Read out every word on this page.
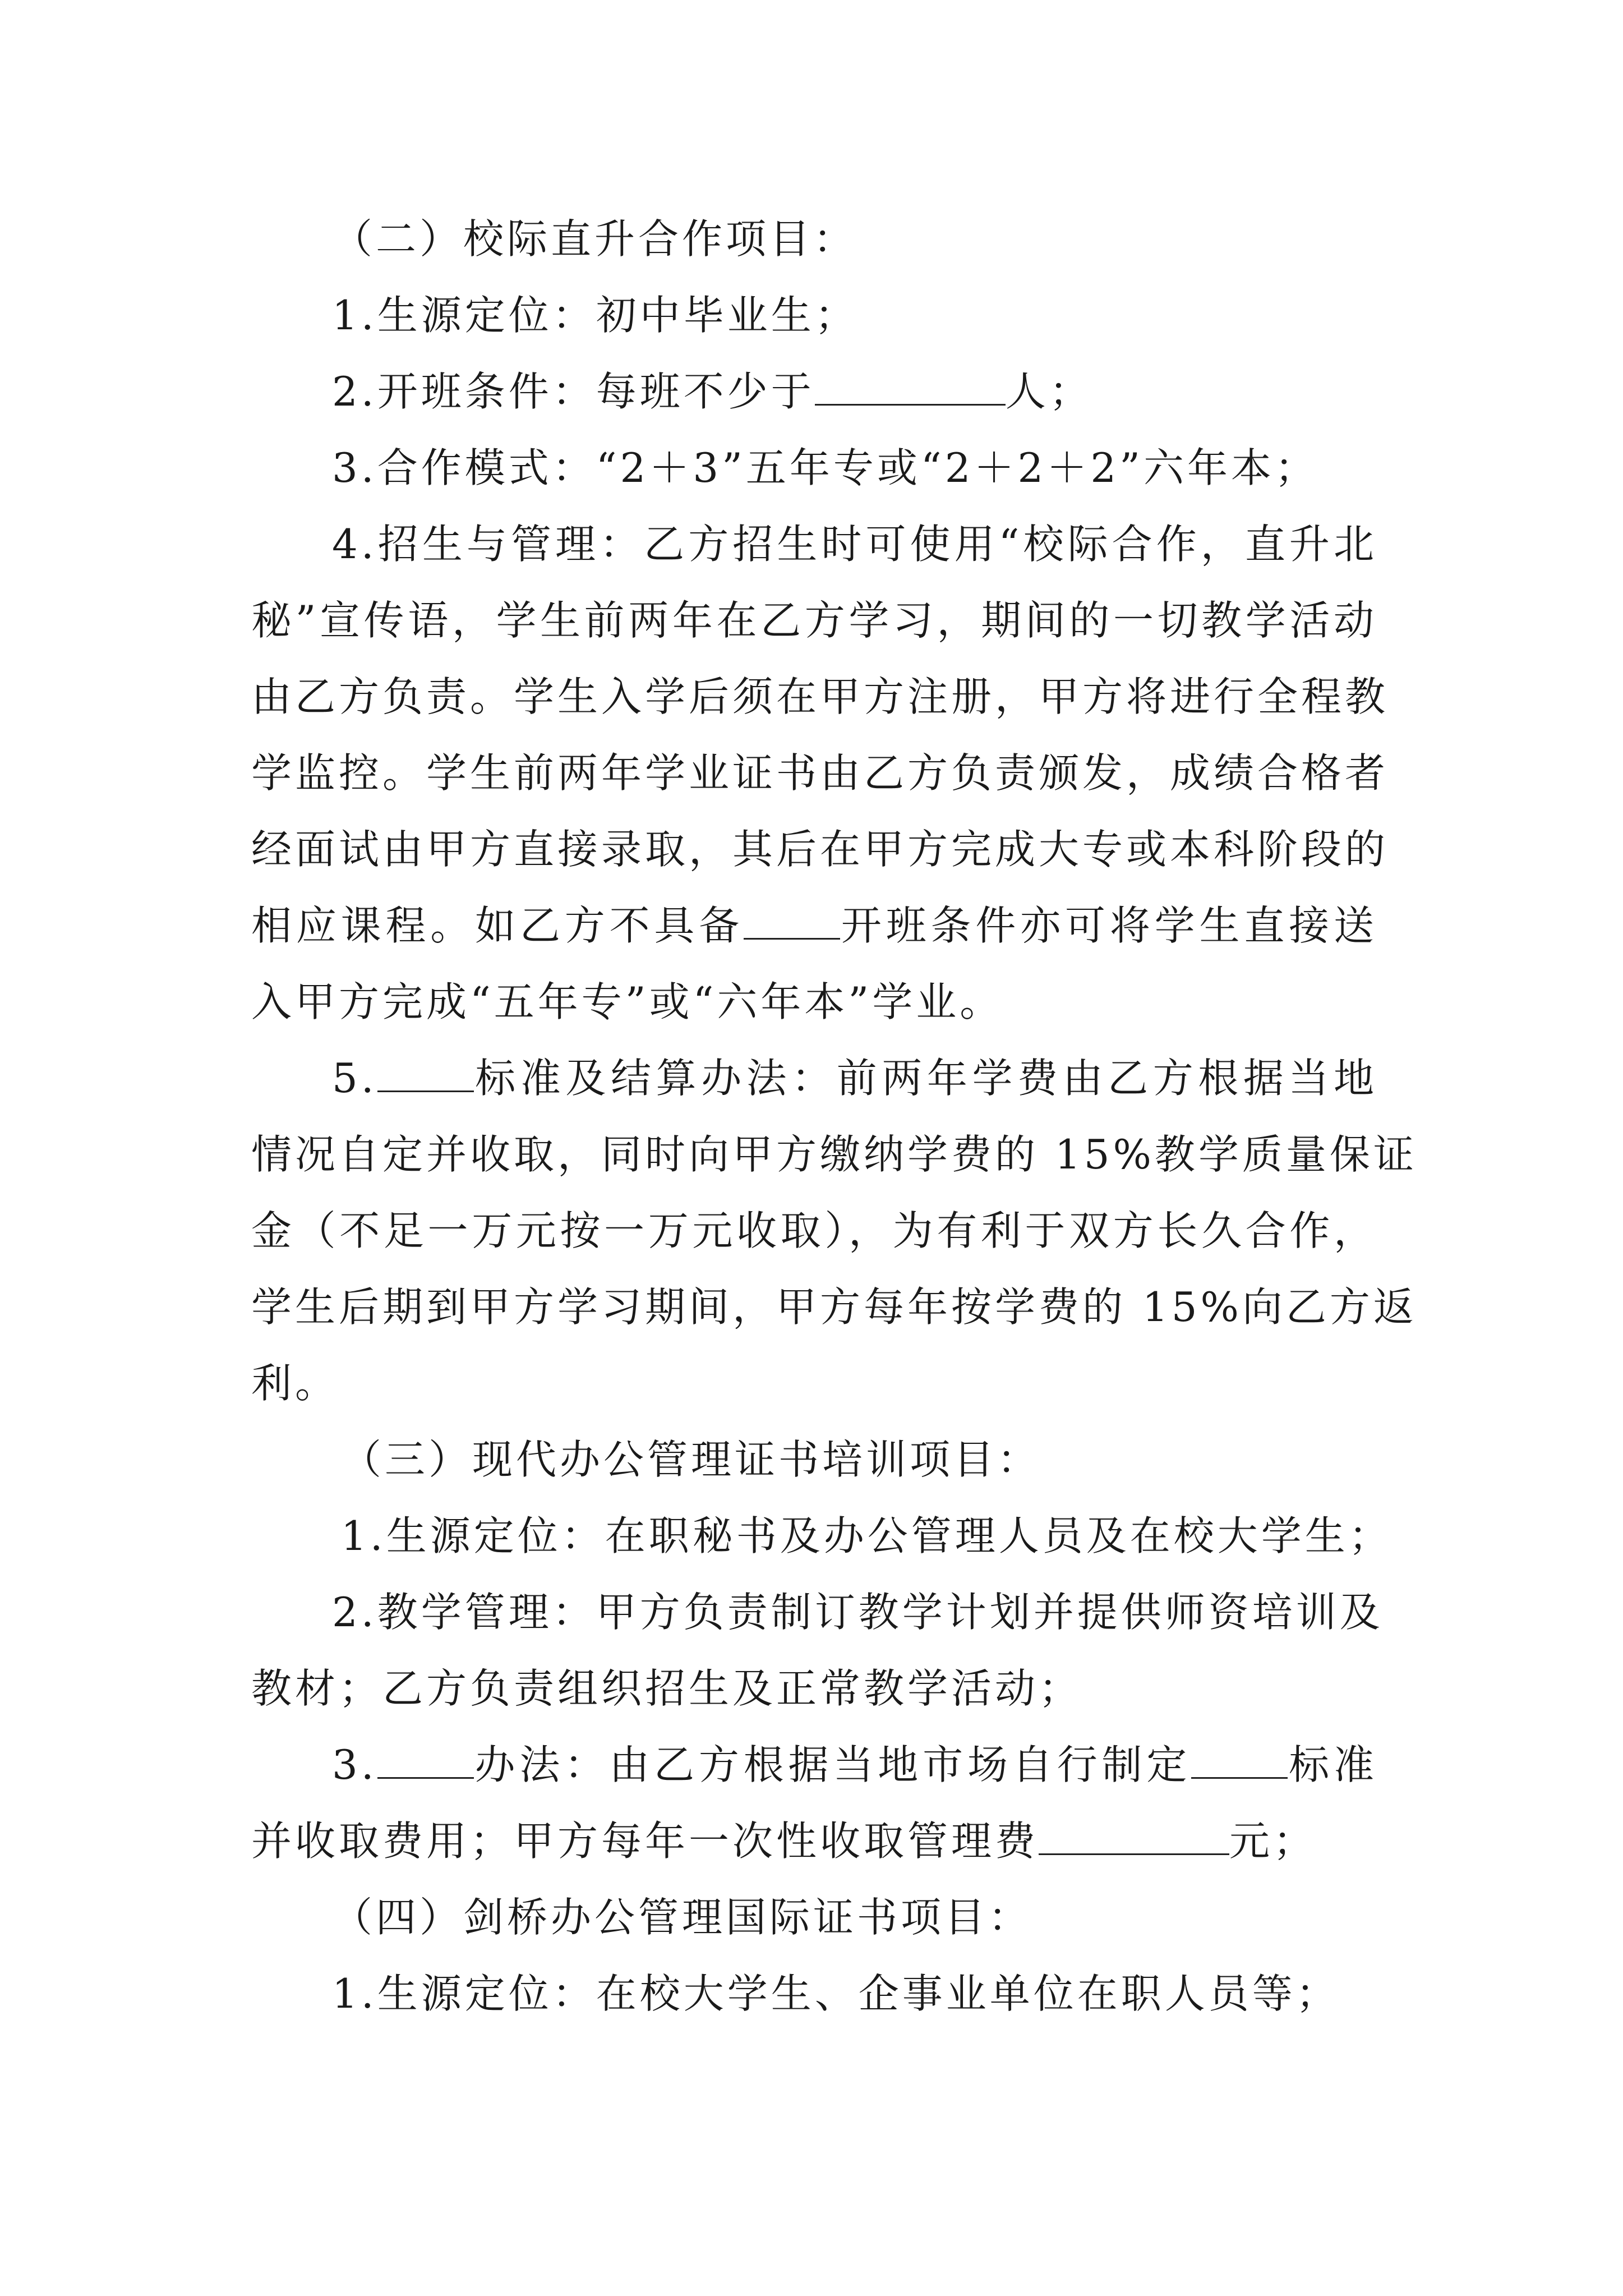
（二）校际直升合作项目：
1.生源定位：初中毕业生；
2.开班条件：每班不少于	人；
3.合作模式：“2＋3”五年专或“2＋2＋2”六年本；
4.招生与管理：乙方招生时可使用“校际合作，直升北
秘”宣传语，学生前两年在乙方学习，期间的一切教学活动
由乙方负责。学生入学后须在甲方注册，甲方将进行全程教
学监控。学生前两年学业证书由乙方负责颁发，成绩合格者
经面试由甲方直接录取，其后在甲方完成大专或本科阶段的
相应课程。如乙方不具备 开班条件亦可将学生直接送
入甲方完成“五年专”或“六年本”学业。
5. 标准及结算办法：前两年学费由乙方根据当地
情况自定并收取，同时向甲方缴纳学费的 15%教学质量保证
金（不足一万元按一万元收取），为有利于双方长久合作，
学生后期到甲方学习期间，甲方每年按学费的 15%向乙方返
利。
（三）现代办公管理证书培训项目：
1.生源定位：在职秘书及办公管理人员及在校大学生；
2.教学管理：甲方负责制订教学计划并提供师资培训及
教材；乙方负责组织招生及正常教学活动；
3. 办法：由乙方根据当地市场自行制定 标准
并收取费用；甲方每年一次性收取管理费	元；
（四）剑桥办公管理国际证书项目：
1.生源定位：在校大学生、企事业单位在职人员等；
